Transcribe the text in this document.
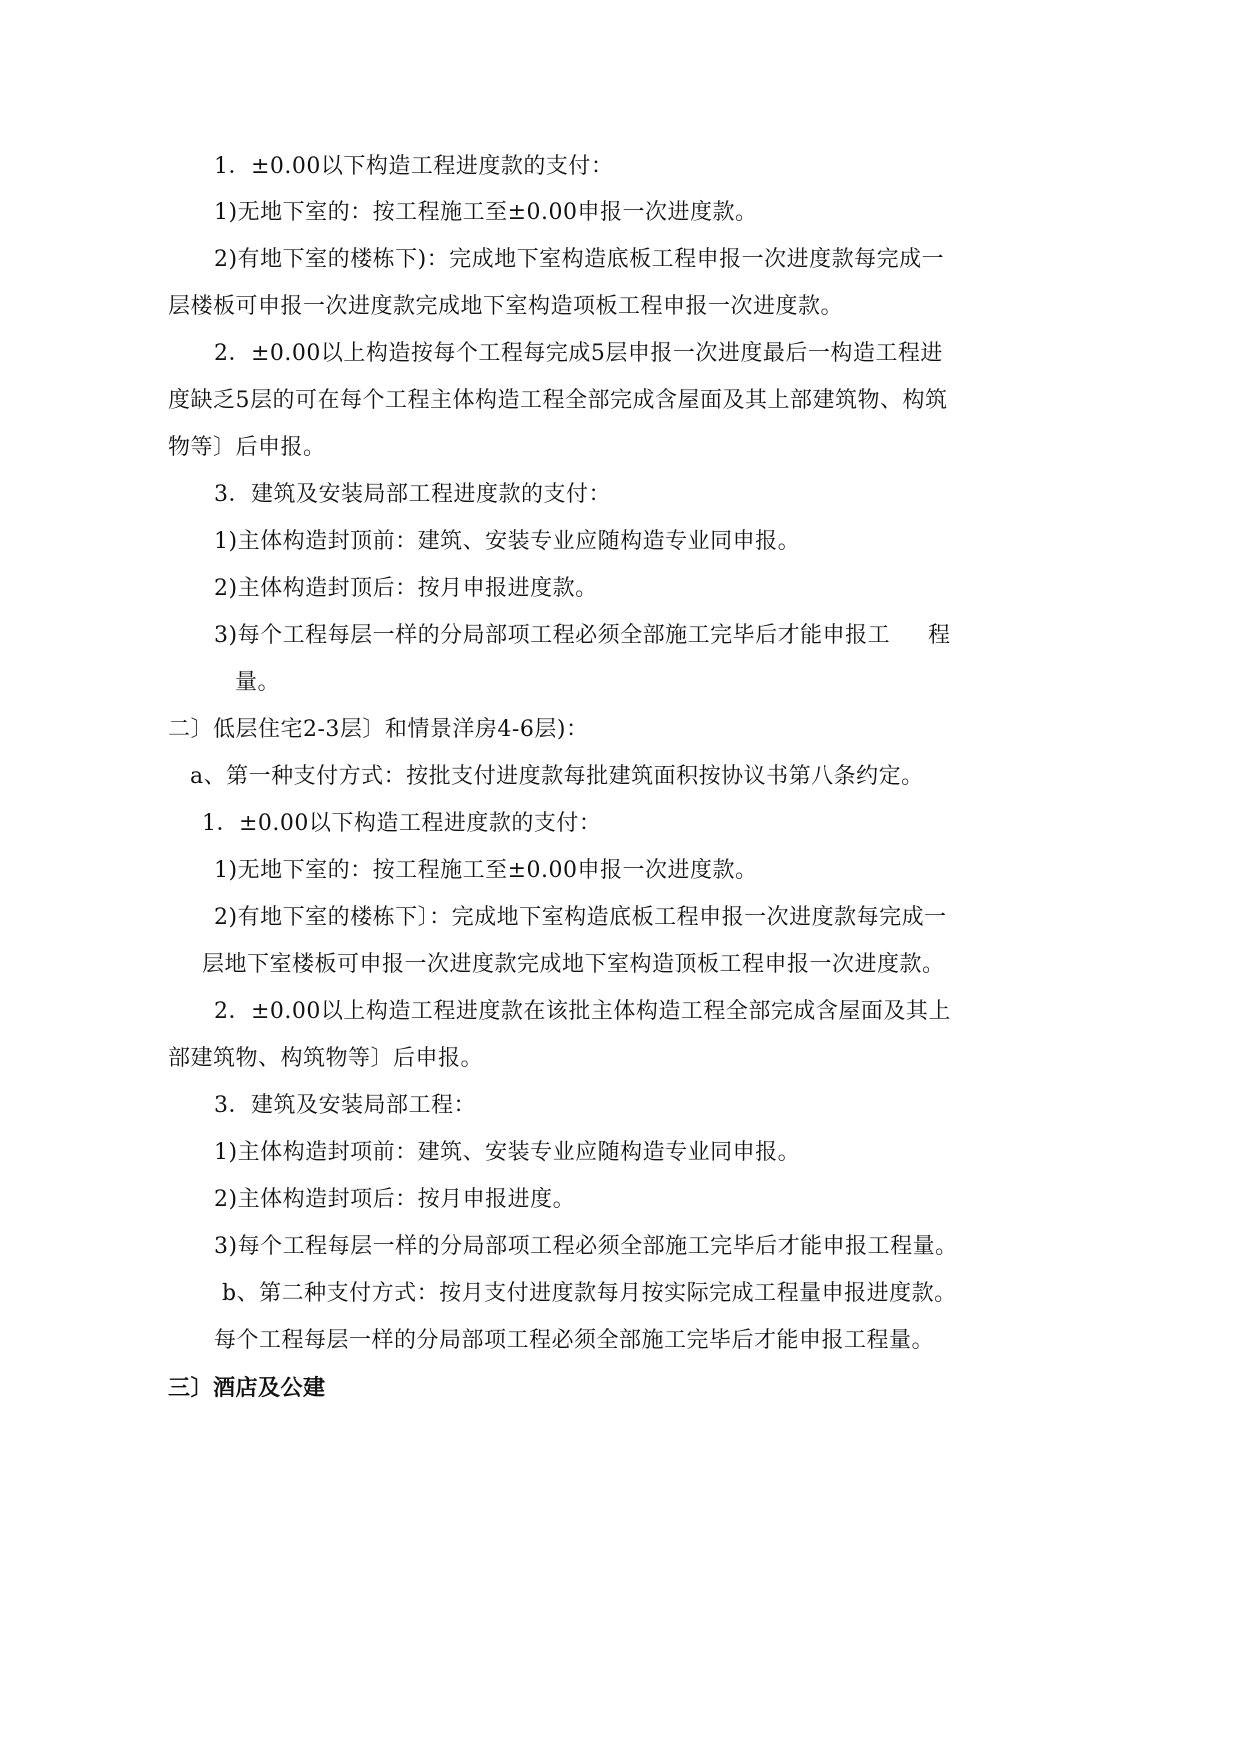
1．±0.00以下构造工程进度款的支付：
1)无地下室的：按工程施工至±0.00申报一次进度款。
2)有地下室的楼栋下)：完成地下室构造底板工程申报一次进度款每完成一
层楼板可申报一次进度款完成地下室构造项板工程申报一次进度款。
2．±0.00以上构造按每个工程每完成5层申报一次进度最后一构造工程进
度缺乏5层的可在每个工程主体构造工程全部完成含屋面及其上部建筑物、构筑
物等〕后申报。
3．建筑及安装局部工程进度款的支付：
1)主体构造封顶前：建筑、安装专业应随构造专业同申报。
2)主体构造封顶后：按月申报进度款。
3)每个工程每层一样的分局部项工程必须全部施工完毕后才能申报工 程
量。
二〕低层住宅2-3层〕和情景洋房4-6层)：
a、第一种支付方式：按批支付进度款每批建筑面积按协议书第八条约定。
1．±0.00以下构造工程进度款的支付：
1)无地下室的：按工程施工至±0.00申报一次进度款。
2)有地下室的楼栋下〕：完成地下室构造底板工程申报一次进度款每完成一
层地下室楼板可申报一次进度款完成地下室构造顶板工程申报一次进度款。
2．±0.00以上构造工程进度款在该批主体构造工程全部完成含屋面及其上
部建筑物、构筑物等〕后申报。
3．建筑及安装局部工程：
1)主体构造封项前：建筑、安装专业应随构造专业同申报。
2)主体构造封项后：按月申报进度。
3)每个工程每层一样的分局部项工程必须全部施工完毕后才能申报工程量。
b、第二种支付方式：按月支付进度款每月按实际完成工程量申报进度款。
每个工程每层一样的分局部项工程必须全部施工完毕后才能申报工程量。
三〕酒店及公建
